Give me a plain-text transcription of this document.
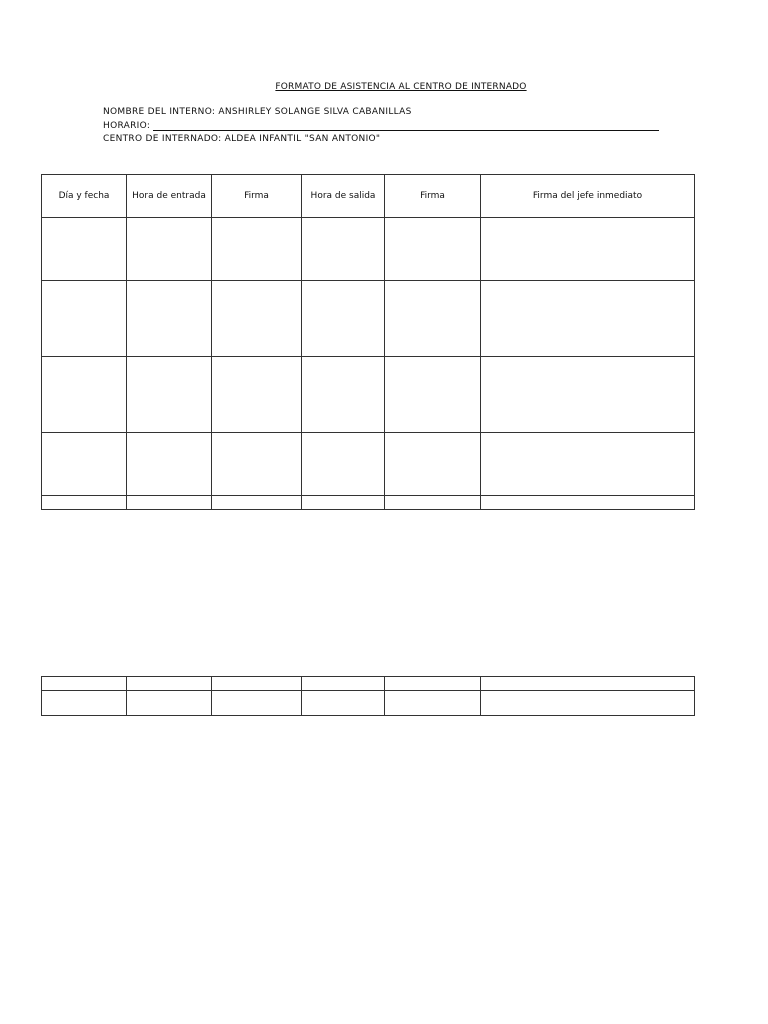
FORMATO DE ASISTENCIA AL CENTRO DE INTERNADO
NOMBRE DEL INTERNO: ANSHIRLEY SOLANGE SILVA CABANILLAS
HORARIO:
CENTRO DE INTERNADO: ALDEA INFANTIL "SAN ANTONIO"
Día y fecha	Hora de entrada	Firma	Hora de salida	Firma	Firma del jefe inmediato
